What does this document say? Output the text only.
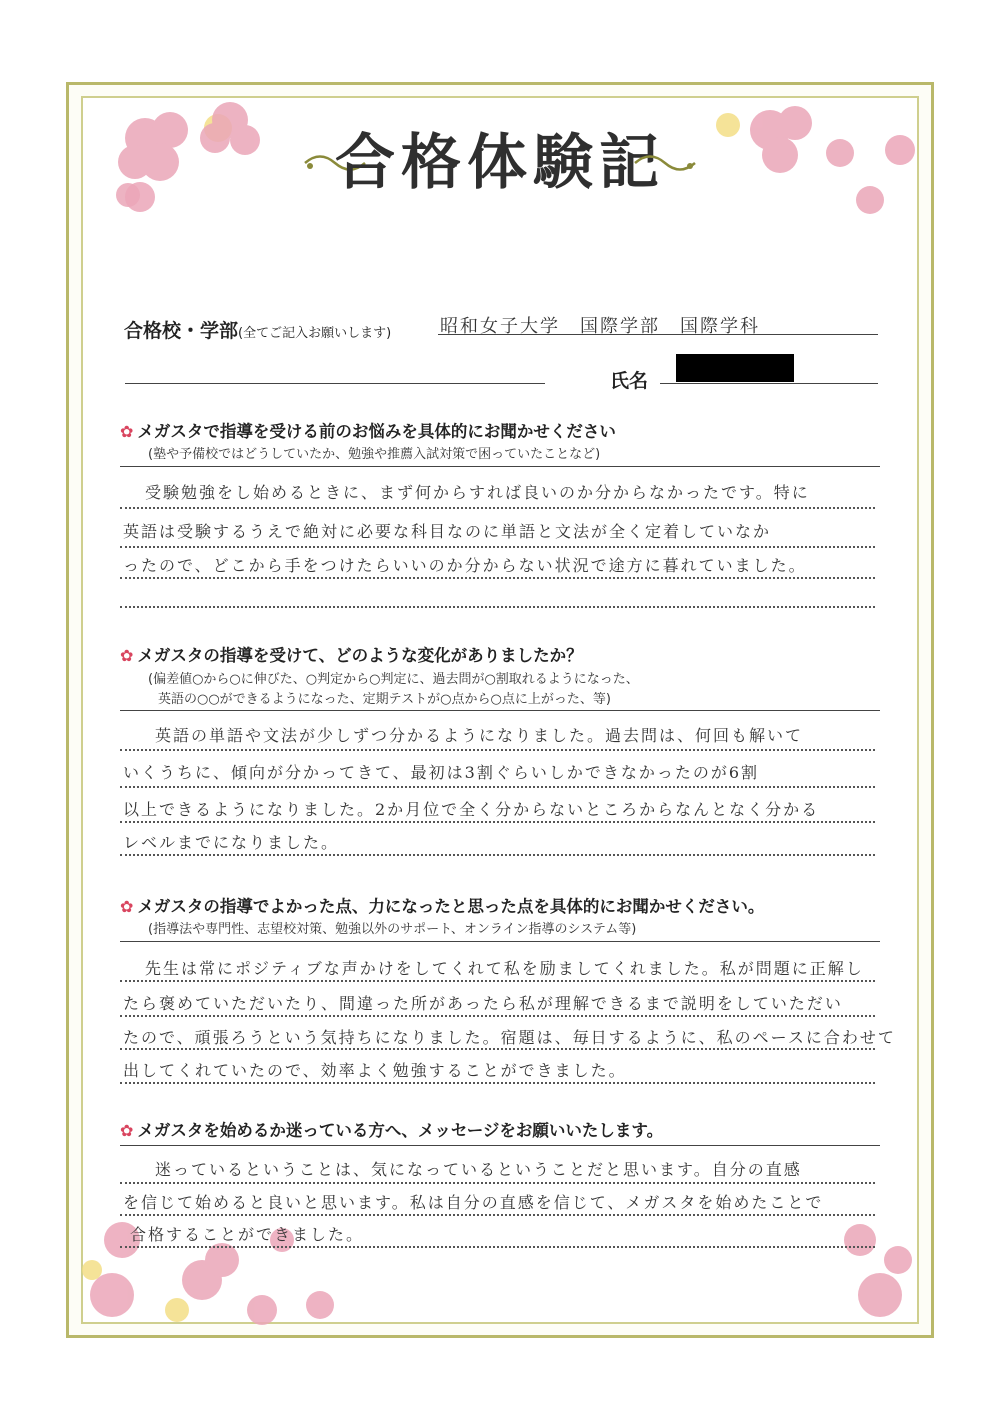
合格体験記
合格校・学部(全てご記入お願いします)	昭和女子大学　国際学部　国際学科
氏名
✿ メガスタで指導を受ける前のお悩みを具体的にお聞かせください
(塾や予備校ではどうしていたか、勉強や推薦入試対策で困っていたことなど)
受験勉強をし始めるときに、まず何からすれば良いのか分からなかったです。特に
英語は受験するうえで絶対に必要な科目なのに単語と文法が全く定着していなか
ったので、どこから手をつけたらいいのか分からない状況で途方に暮れていました。
✿ メガスタの指導を受けて、どのような変化がありましたか？
(偏差値○から○に伸びた、○判定から○判定に、過去問が○割取れるようになった、
英語の○○ができるようになった、定期テストが○点から○点に上がった、等)
英語の単語や文法が少しずつ分かるようになりました。過去問は、何回も解いて
いくうちに、傾向が分かってきて、最初は3割ぐらいしかできなかったのが6割
以上できるようになりました。2か月位で全く分からないところからなんとなく分かる
レベルまでになりました。
✿ メガスタの指導でよかった点、力になったと思った点を具体的にお聞かせください。
(指導法や専門性、志望校対策、勉強以外のサポート、オンライン指導のシステム等)
先生は常にポジティブな声かけをしてくれて私を励ましてくれました。私が問題に正解し
たら褒めていただいたり、間違った所があったら私が理解できるまで説明をしていただい
たので、頑張ろうという気持ちになりました。宿題は、毎日するように、私のペースに合わせて
出してくれていたので、効率よく勉強することができました。
✿ メガスタを始めるか迷っている方へ、メッセージをお願いいたします。
迷っているということは、気になっているということだと思います。自分の直感
を信じて始めると良いと思います。私は自分の直感を信じて、メガスタを始めたことで
合格することができました。
